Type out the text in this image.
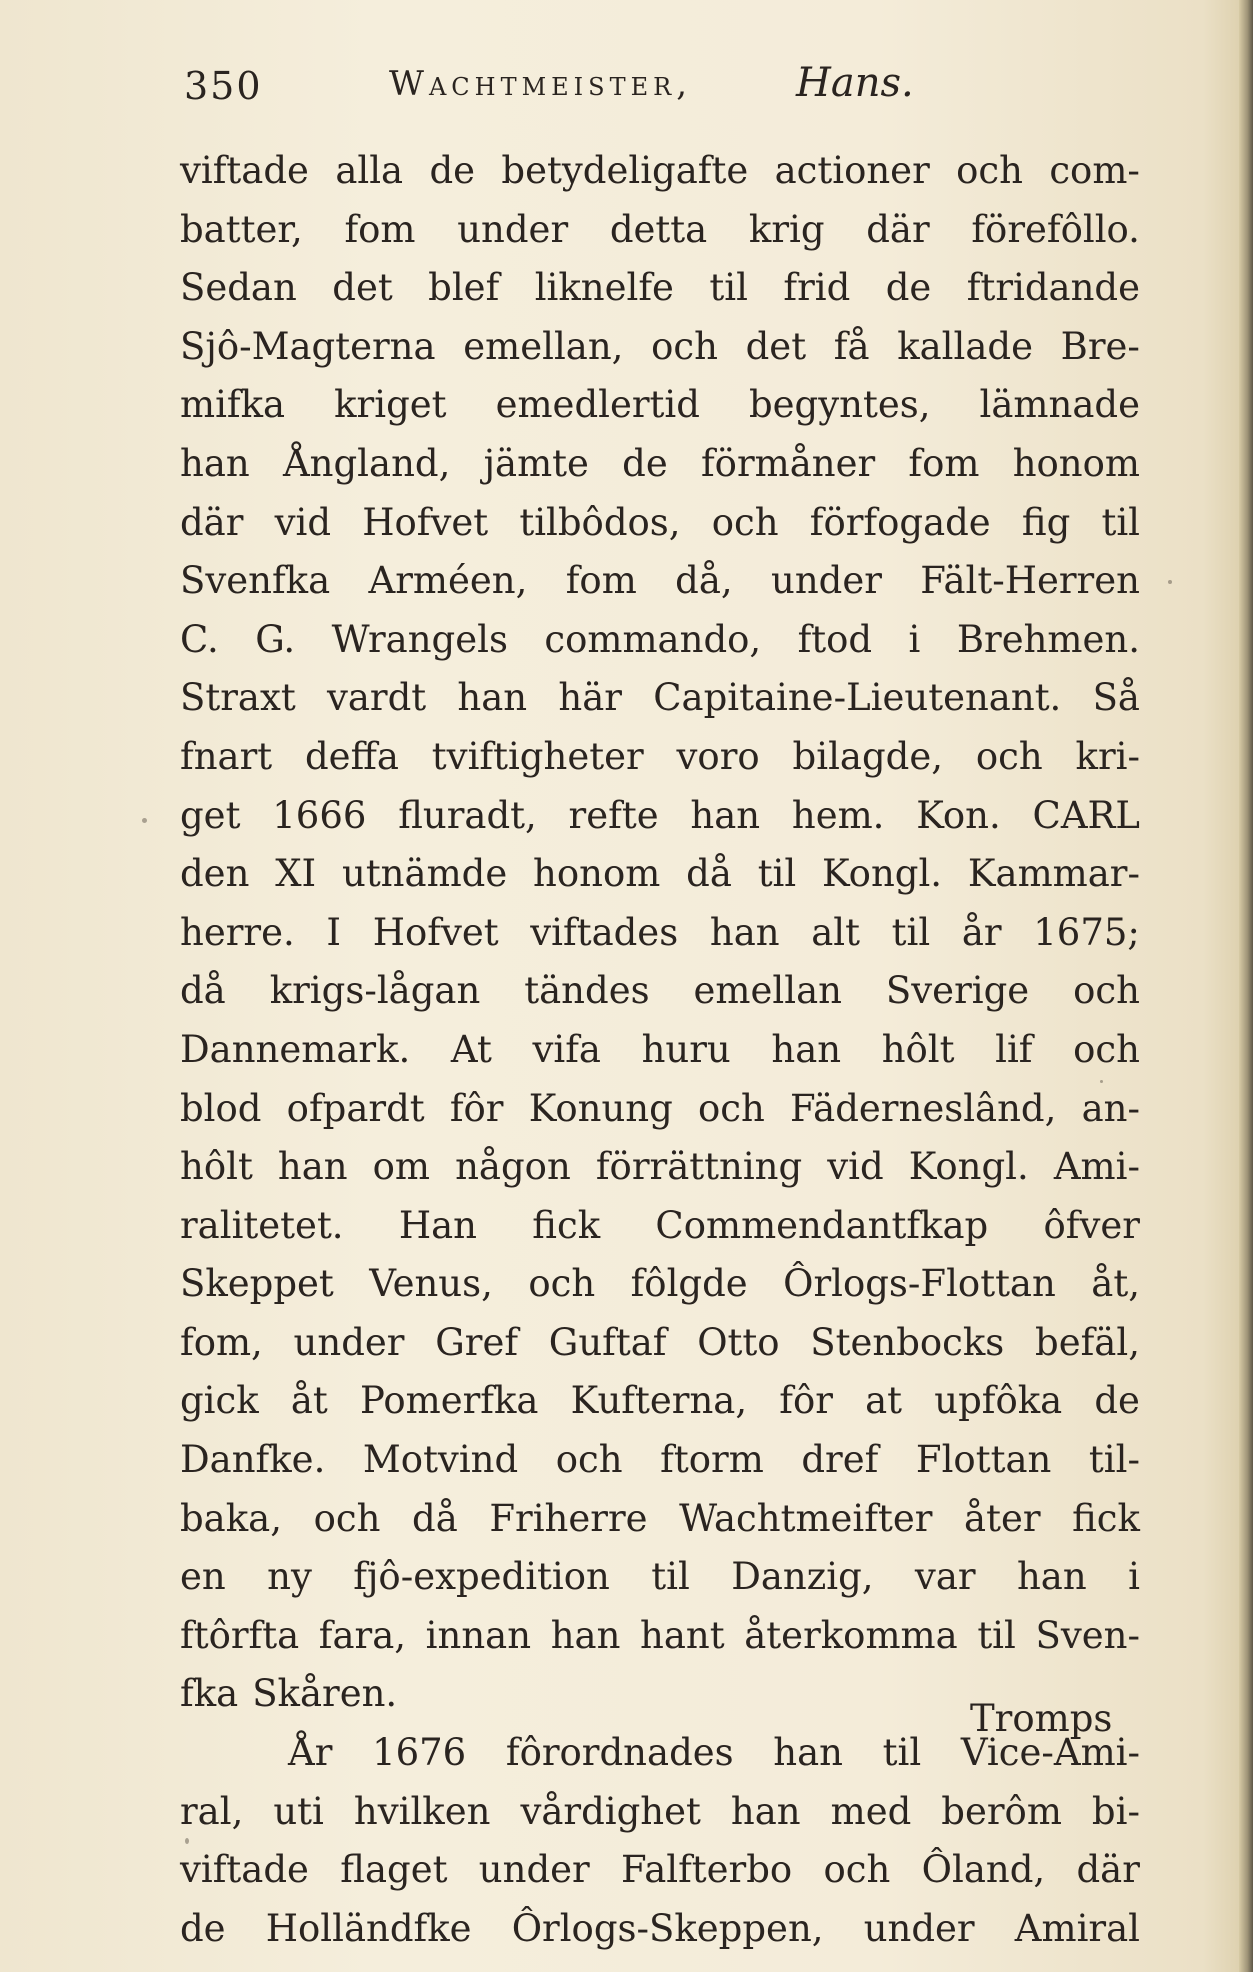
350	Wachtmeister,	Hans.
viftade alla de betydeligafte actioner och com-
batter, fom under detta krig där förefôllo.
Sedan det blef liknelfe til frid de ftridande
Sjô-Magterna emellan, och det få kallade Bre-
mifka kriget emedlertid begyntes, lämnade
han Ångland, jämte de förmåner fom honom
där vid Hofvet tilbôdos, och förfogade fig til
Svenfka Arméen, fom då, under Fält-Herren
C. G. Wrangels commando, ftod i Brehmen.
Straxt vardt han här Capitaine-Lieutenant. Så
fnart deffa tviftigheter voro bilagde, och kri-
get 1666 fluradt, refte han hem. Kon. CARL
den XI utnämde honom då til Kongl. Kammar-
herre. I Hofvet viftades han alt til år 1675;
då krigs-lågan tändes emellan Sverige och
Dannemark. At vifa huru han hôlt lif och
blod ofpardt fôr Konung och Fäderneslând, an-
hôlt han om någon förrättning vid Kongl. Ami-
ralitetet. Han fick Commendantfkap ôfver
Skeppet Venus, och fôlgde Ôrlogs-Flottan åt,
fom, under Gref Guftaf Otto Stenbocks befäl,
gick åt Pomerfka Kufterna, fôr at upfôka de
Danfke. Motvind och ftorm dref Flottan til-
baka, och då Friherre Wachtmeifter åter fick
en ny fjô-expedition til Danzig, var han i
ftôrfta fara, innan han hant återkomma til Sven-
fka Skåren.
År 1676 fôrordnades han til Vice-Ami-
ral, uti hvilken vårdighet han med berôm bi-
viftade flaget under Falfterbo och Ôland, där
de Holländfke Ôrlogs-Skeppen, under Amiral
Tromps
